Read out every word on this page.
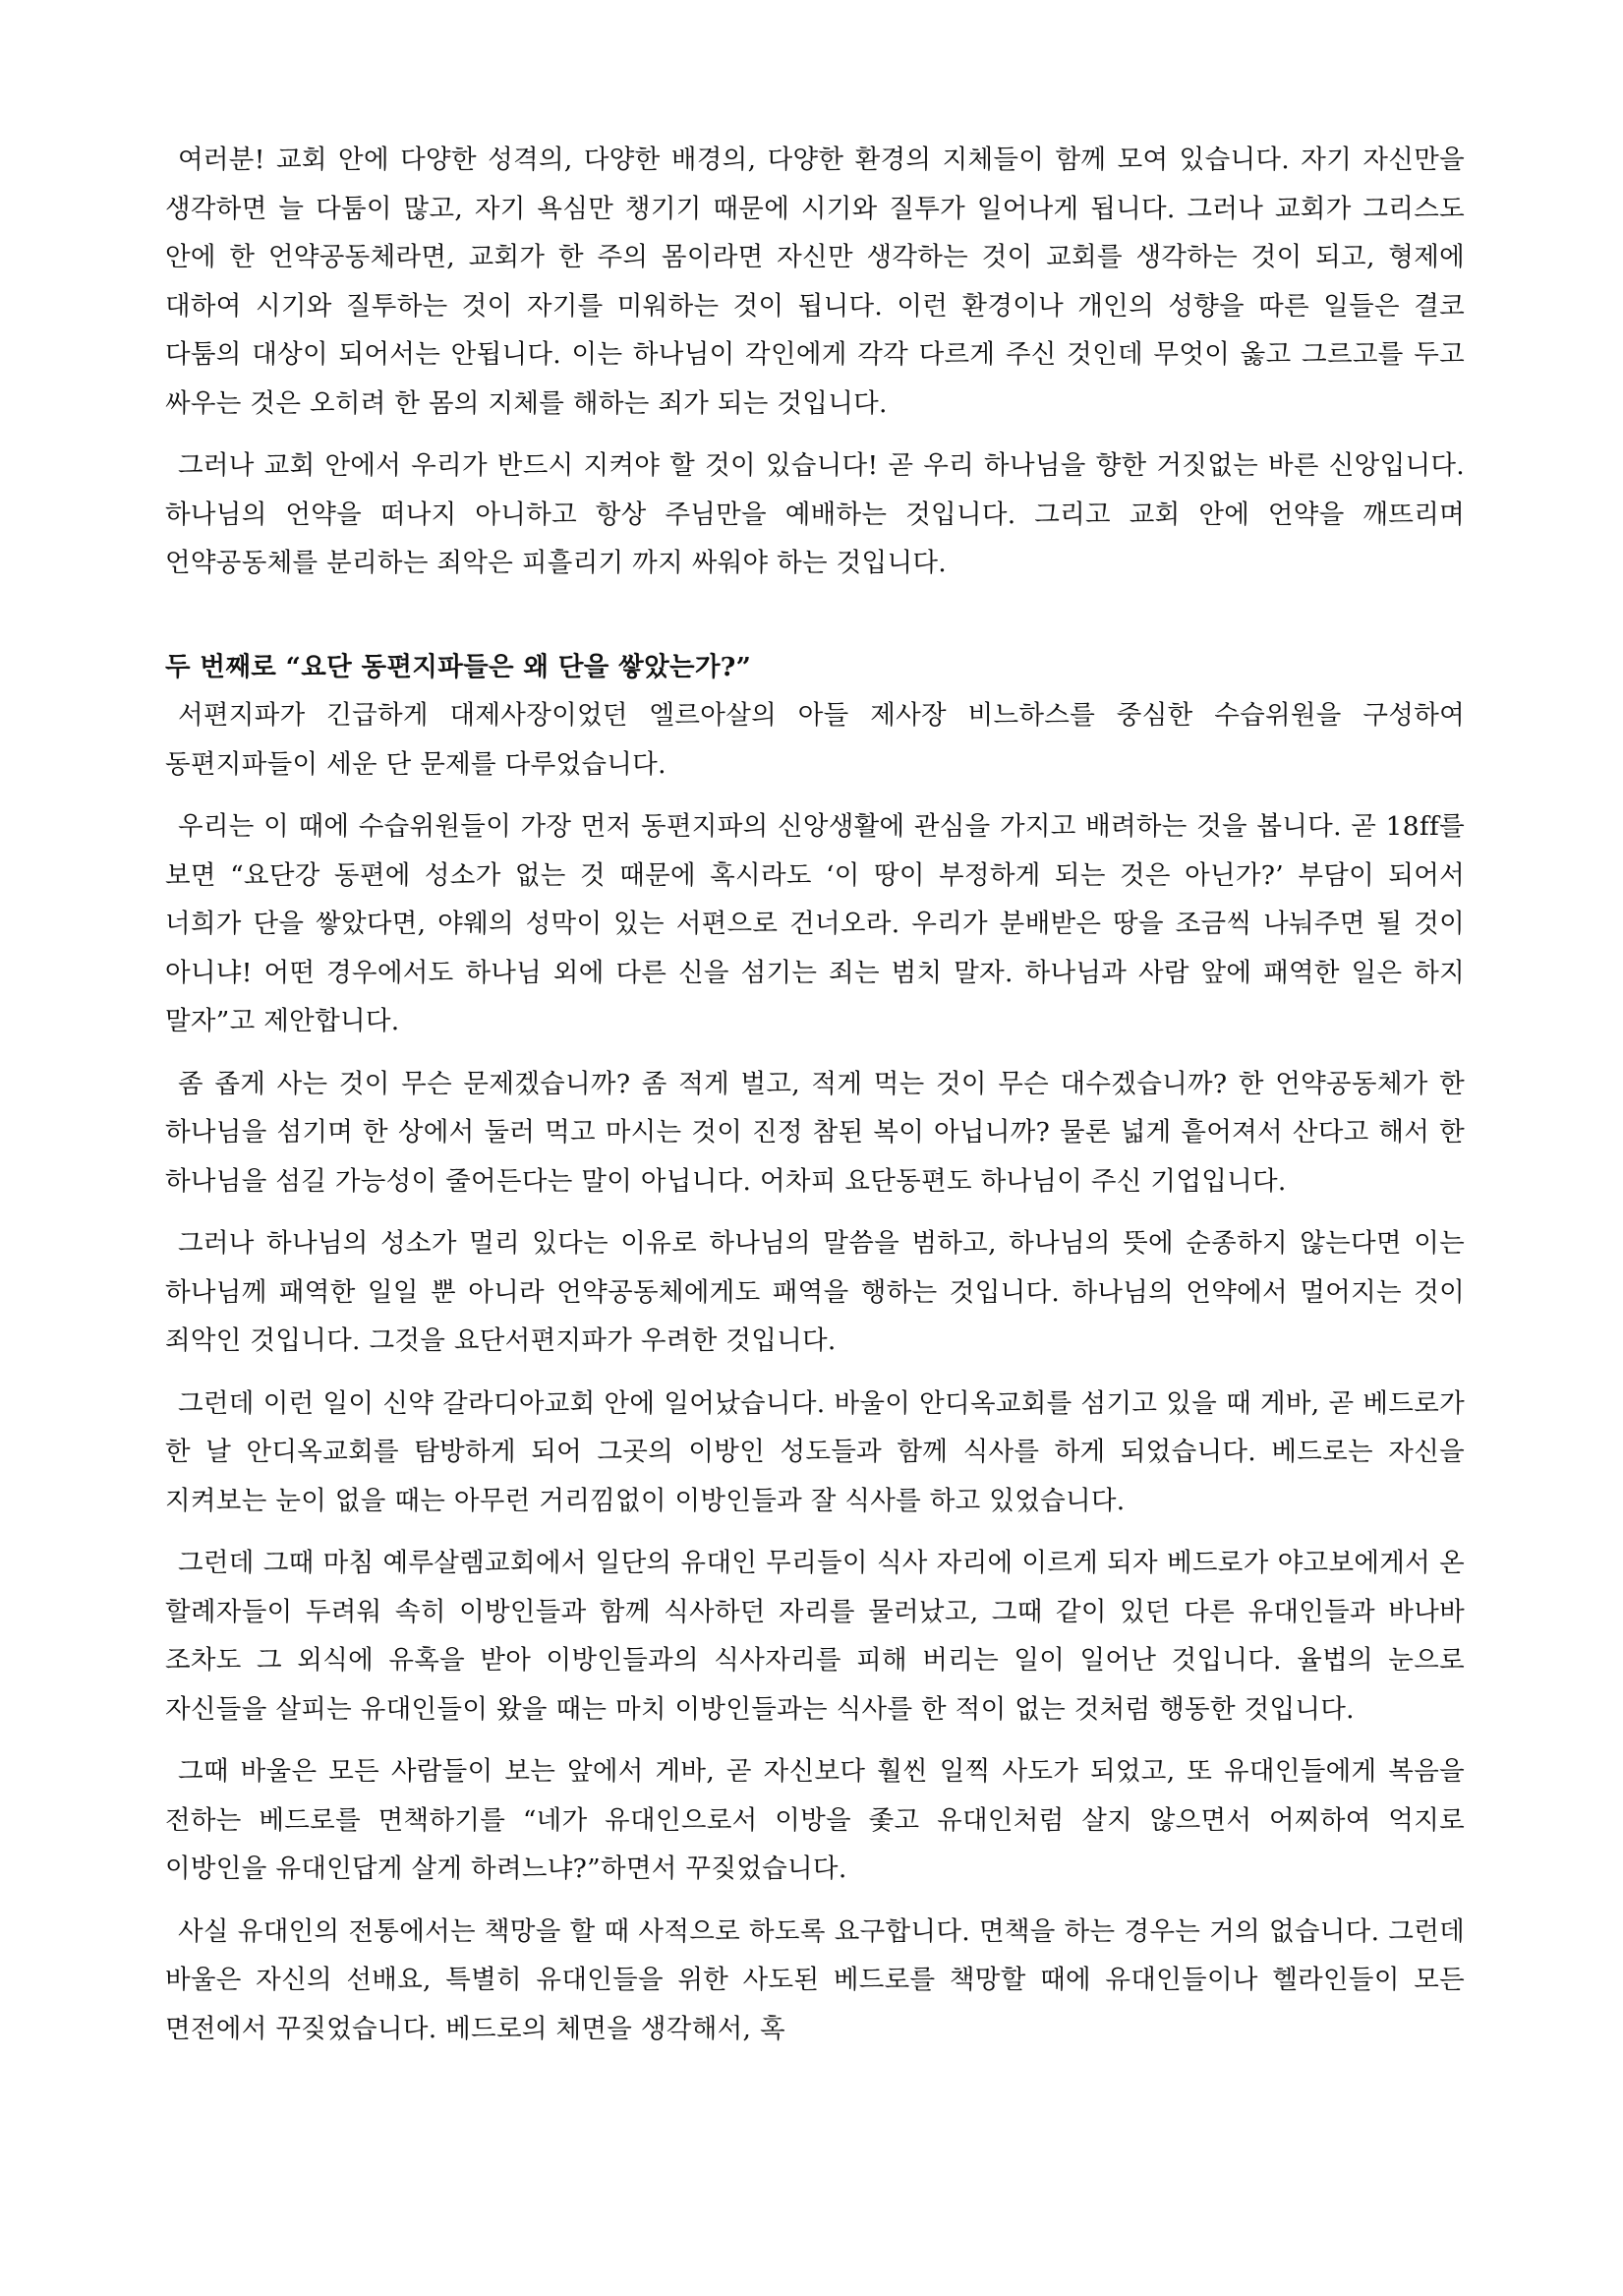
여러분! 교회 안에 다양한 성격의, 다양한 배경의, 다양한 환경의 지체들이 함께 모여 있습니다. 자기 자신만을 생각하면 늘 다툼이 많고, 자기 욕심만 챙기기 때문에 시기와 질투가 일어나게 됩니다. 그러나 교회가 그리스도 안에 한 언약공동체라면, 교회가 한 주의 몸이라면 자신만 생각하는 것이 교회를 생각하는 것이 되고, 형제에 대하여 시기와 질투하는 것이 자기를 미워하는 것이 됩니다. 이런 환경이나 개인의 성향을 따른 일들은 결코 다툼의 대상이 되어서는 안됩니다. 이는 하나님이 각인에게 각각 다르게 주신 것인데 무엇이 옳고 그르고를 두고 싸우는 것은 오히려 한 몸의 지체를 해하는 죄가 되는 것입니다.

그러나 교회 안에서 우리가 반드시 지켜야 할 것이 있습니다! 곧 우리 하나님을 향한 거짓없는 바른 신앙입니다. 하나님의 언약을 떠나지 아니하고 항상 주님만을 예배하는 것입니다. 그리고 교회 안에 언약을 깨뜨리며 언약공동체를 분리하는 죄악은 피흘리기 까지 싸워야 하는 것입니다.

두 번째로 “요단 동편지파들은 왜 단을 쌓았는가?”

서편지파가 긴급하게 대제사장이었던 엘르아살의 아들 제사장 비느하스를 중심한 수습위원을 구성하여 동편지파들이 세운 단 문제를 다루었습니다.

우리는 이 때에 수습위원들이 가장 먼저 동편지파의 신앙생활에 관심을 가지고 배려하는 것을 봅니다. 곧 18ff를 보면 “요단강 동편에 성소가 없는 것 때문에 혹시라도 ‘이 땅이 부정하게 되는 것은 아닌가?’ 부담이 되어서 너희가 단을 쌓았다면, 야웨의 성막이 있는 서편으로 건너오라. 우리가 분배받은 땅을 조금씩 나눠주면 될 것이 아니냐! 어떤 경우에서도 하나님 외에 다른 신을 섬기는 죄는 범치 말자. 하나님과 사람 앞에 패역한 일은 하지 말자”고 제안합니다.

좀 좁게 사는 것이 무슨 문제겠습니까? 좀 적게 벌고, 적게 먹는 것이 무슨 대수겠습니까? 한 언약공동체가 한 하나님을 섬기며 한 상에서 둘러 먹고 마시는 것이 진정 참된 복이 아닙니까? 물론 넓게 흩어져서 산다고 해서 한 하나님을 섬길 가능성이 줄어든다는 말이 아닙니다. 어차피 요단동편도 하나님이 주신 기업입니다.

그러나 하나님의 성소가 멀리 있다는 이유로 하나님의 말씀을 범하고, 하나님의 뜻에 순종하지 않는다면 이는 하나님께 패역한 일일 뿐 아니라 언약공동체에게도 패역을 행하는 것입니다. 하나님의 언약에서 멀어지는 것이 죄악인 것입니다. 그것을 요단서편지파가 우려한 것입니다.

그런데 이런 일이 신약 갈라디아교회 안에 일어났습니다. 바울이 안디옥교회를 섬기고 있을 때 게바, 곧 베드로가 한 날 안디옥교회를 탐방하게 되어 그곳의 이방인 성도들과 함께 식사를 하게 되었습니다. 베드로는 자신을 지켜보는 눈이 없을 때는 아무런 거리낌없이 이방인들과 잘 식사를 하고 있었습니다.

그런데 그때 마침 예루살렘교회에서 일단의 유대인 무리들이 식사 자리에 이르게 되자 베드로가 야고보에게서 온 할례자들이 두려워 속히 이방인들과 함께 식사하던 자리를 물러났고, 그때 같이 있던 다른 유대인들과 바나바 조차도 그 외식에 유혹을 받아 이방인들과의 식사자리를 피해 버리는 일이 일어난 것입니다. 율법의 눈으로 자신들을 살피는 유대인들이 왔을 때는 마치 이방인들과는 식사를 한 적이 없는 것처럼 행동한 것입니다.

그때 바울은 모든 사람들이 보는 앞에서 게바, 곧 자신보다 훨씬 일찍 사도가 되었고, 또 유대인들에게 복음을 전하는 베드로를 면책하기를 “네가 유대인으로서 이방을 좇고 유대인처럼 살지 않으면서 어찌하여 억지로 이방인을 유대인답게 살게 하려느냐?”하면서 꾸짖었습니다.

사실 유대인의 전통에서는 책망을 할 때 사적으로 하도록 요구합니다. 면책을 하는 경우는 거의 없습니다. 그런데 바울은 자신의 선배요, 특별히 유대인들을 위한 사도된 베드로를 책망할 때에 유대인들이나 헬라인들이 모든 면전에서 꾸짖었습니다. 베드로의 체면을 생각해서, 혹
